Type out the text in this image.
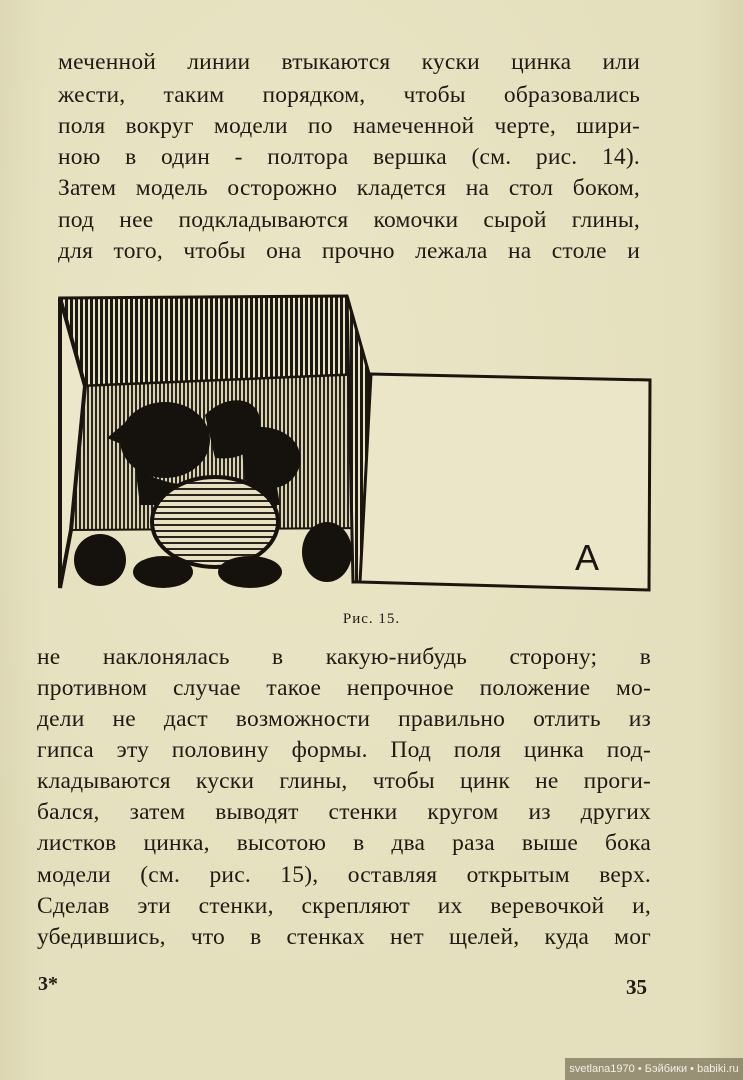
меченной линии втыкаются куски цинка или
жести, таким порядком, чтобы образовались
поля вокруг модели по намеченной черте, шири-
ною в один - полтора вершка (см. рис. 14).
Затем модель осторожно кладется на стол боком,
под нее подкладываются комочки сырой глины,
для того, чтобы она прочно лежала на столе и
A
Рис. 15.
не наклонялась в какую-нибудь сторону; в
противном случае такое непрочное положение мо-
дели не даст возможности правильно отлить из
гипса эту половину формы. Под поля цинка под-
кладываются куски глины, чтобы цинк не проги-
бался, затем выводят стенки кругом из других
листков цинка, высотою в два раза выше бока
модели (см. рис. 15), оставляя открытым верх.
Сделав эти стенки, скрепляют их веревочкой и,
убедившись, что в стенках нет щелей, куда мог
3*	35
svetlana1970 • Бэйбики • babiki.ru
